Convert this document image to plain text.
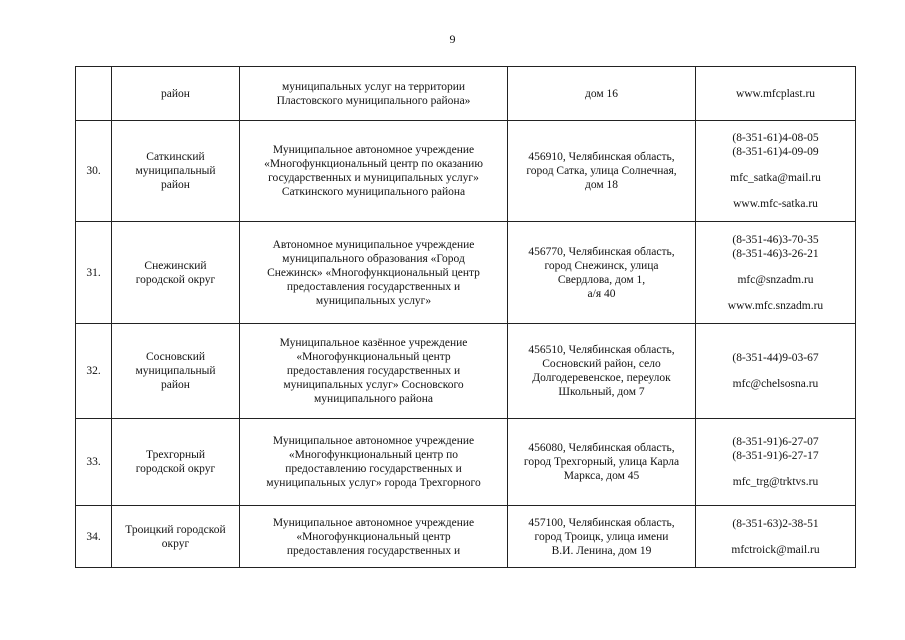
9

	район	муниципальных услуг на территории
Пластовского муниципального района»	дом 16	www.mfcplast.ru

30.	Саткинский
муниципальный
район	Муниципальное автономное учреждение
«Многофункциональный центр по оказанию
государственных и муниципальных услуг»
Саткинского муниципального района	456910, Челябинская область,
город Сатка, улица Солнечная,
дом 18	(8-351-61)4-08-05
(8-351-61)4-09-09
mfc_satka@mail.ru
www.mfc-satka.ru

31.	Снежинский
городской округ	Автономное муниципальное учреждение
муниципального образования «Город
Снежинск» «Многофункциональный центр
предоставления государственных и
муниципальных услуг»	456770, Челябинская область,
город Снежинск, улица
Свердлова, дом 1,
а/я 40	(8-351-46)3-70-35
(8-351-46)3-26-21
mfc@snzadm.ru
www.mfc.snzadm.ru

32.	Сосновский
муниципальный
район	Муниципальное казённое учреждение
«Многофункциональный центр
предоставления государственных и
муниципальных услуг» Сосновского
муниципального района	456510, Челябинская область,
Сосновский район, село
Долгодеревенское, переулок
Школьный, дом 7	(8-351-44)9-03-67
mfc@chelsosna.ru

33.	Трехгорный
городской округ	Муниципальное автономное учреждение
«Многофункциональный центр по
предоставлению государственных и
муниципальных услуг» города Трехгорного	456080, Челябинская область,
город Трехгорный, улица Карла
Маркса, дом 45	(8-351-91)6-27-07
(8-351-91)6-27-17
mfc_trg@trktvs.ru

34.	Троицкий городской
округ	Муниципальное автономное учреждение
«Многофункциональный центр
предоставления государственных и	457100, Челябинская область,
город Троицк, улица имени
В.И. Ленина, дом 19	(8-351-63)2-38-51
mfctroick@mail.ru
